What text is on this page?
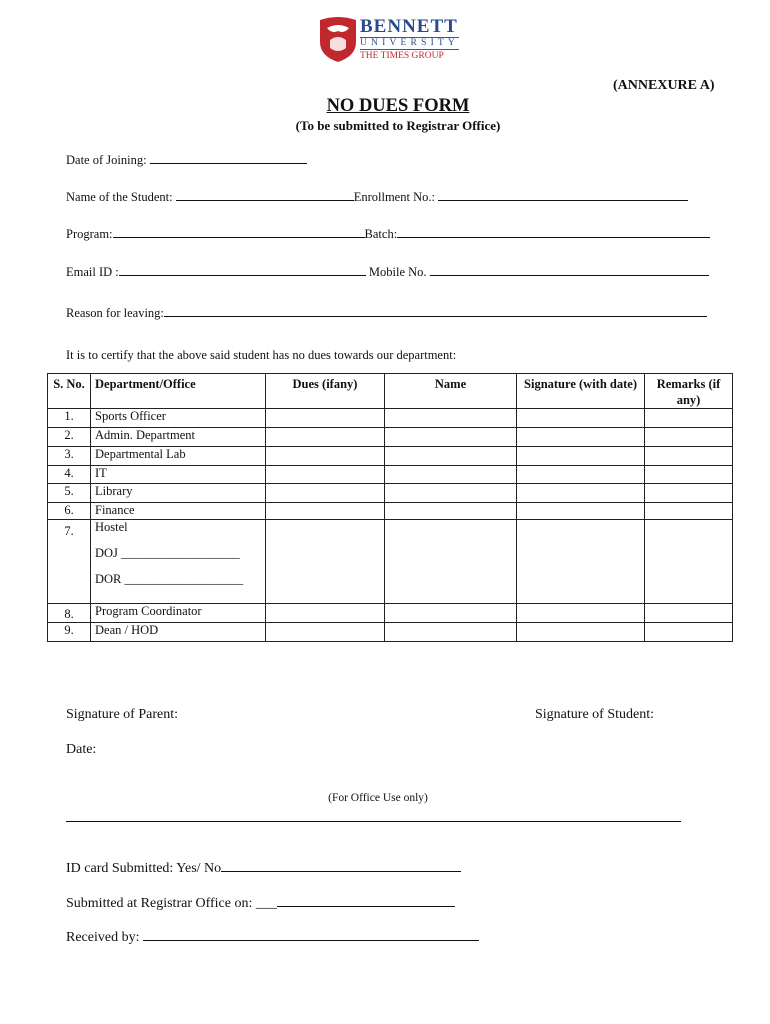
BENNETT
UNIVERSITY
THE TIMES GROUP
(ANNEXURE A)
NO DUES FORM
(To be submitted to Registrar Office)
Date of Joining:
Name of the Student:	Enrollment No.:
Program:	Batch:
Email ID :	Mobile No.
Reason for leaving:
It is to certify that the above said student has no dues towards our department:
S. No.	Department/Office	Dues (ifany)	Name	Signature (with date)	Remarks (if any)
1.	Sports Officer				
2.	Admin. Department				
3.	Departmental Lab				
4.	IT				
5.	Library				
6.	Finance				

7.	Hostel
DOJ ___________________
DOR ___________________				

8.	Program Coordinator				
9.	Dean / HOD				
Signature of Parent:	Signature of Student:
Date:
(For Office Use only)
ID card Submitted: Yes/ No
Submitted at Registrar Office on: ___
Received by:
